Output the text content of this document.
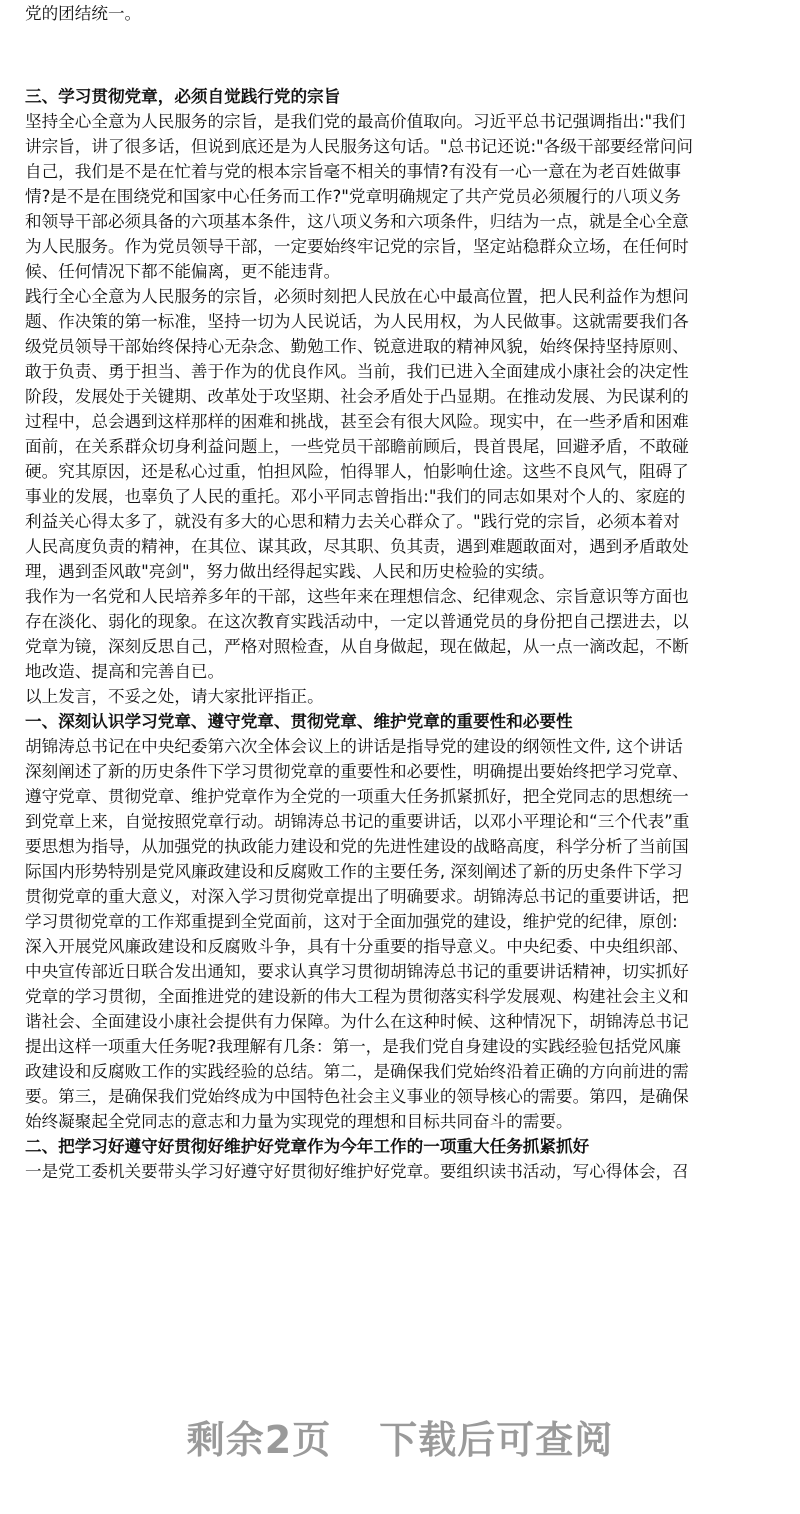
党的团结统一。
三、学习贯彻党章，必须自觉践行党的宗旨
坚持全心全意为人民服务的宗旨，是我们党的最高价值取向。习近平总书记强调指出:"我们
讲宗旨，讲了很多话，但说到底还是为人民服务这句话。"总书记还说:"各级干部要经常问问
自己，我们是不是在忙着与党的根本宗旨毫不相关的事情?有没有一心一意在为老百姓做事
情?是不是在围绕党和国家中心任务而工作?"党章明确规定了共产党员必须履行的八项义务
和领导干部必须具备的六项基本条件，这八项义务和六项条件，归结为一点，就是全心全意
为人民服务。作为党员领导干部，一定要始终牢记党的宗旨，坚定站稳群众立场，在任何时
候、任何情况下都不能偏离，更不能违背。
践行全心全意为人民服务的宗旨，必须时刻把人民放在心中最高位置，把人民利益作为想问
题、作决策的第一标准，坚持一切为人民说话，为人民用权，为人民做事。这就需要我们各
级党员领导干部始终保持心无杂念、勤勉工作、锐意进取的精神风貌，始终保持坚持原则、
敢于负责、勇于担当、善于作为的优良作风。当前，我们已进入全面建成小康社会的决定性
阶段，发展处于关键期、改革处于攻坚期、社会矛盾处于凸显期。在推动发展、为民谋利的
过程中，总会遇到这样那样的困难和挑战，甚至会有很大风险。现实中，在一些矛盾和困难
面前，在关系群众切身利益问题上，一些党员干部瞻前顾后，畏首畏尾，回避矛盾，不敢碰
硬。究其原因，还是私心过重，怕担风险，怕得罪人，怕影响仕途。这些不良风气，阻碍了
事业的发展，也辜负了人民的重托。邓小平同志曾指出:"我们的同志如果对个人的、家庭的
利益关心得太多了，就没有多大的心思和精力去关心群众了。"践行党的宗旨，必须本着对
人民高度负责的精神，在其位、谋其政，尽其职、负其责，遇到难题敢面对，遇到矛盾敢处
理，遇到歪风敢"亮剑"，努力做出经得起实践、人民和历史检验的实绩。
我作为一名党和人民培养多年的干部，这些年来在理想信念、纪律观念、宗旨意识等方面也
存在淡化、弱化的现象。在这次教育实践活动中，一定以普通党员的身份把自己摆进去，以
党章为镜，深刻反思自己，严格对照检查，从自身做起，现在做起，从一点一滴改起，不断
地改造、提高和完善自已。
以上发言，不妥之处，请大家批评指正。
一、深刻认识学习党章、遵守党章、贯彻党章、维护党章的重要性和必要性
胡锦涛总书记在中央纪委第六次全体会议上的讲话是指导党的建设的纲领性文件, 这个讲话
深刻阐述了新的历史条件下学习贯彻党章的重要性和必要性，明确提出要始终把学习党章、
遵守党章、贯彻党章、维护党章作为全党的一项重大任务抓紧抓好，把全党同志的思想统一
到党章上来，自觉按照党章行动。胡锦涛总书记的重要讲话，以邓小平理论和“三个代表”重
要思想为指导，从加强党的执政能力建设和党的先进性建设的战略高度，科学分析了当前国
际国内形势特别是党风廉政建设和反腐败工作的主要任务, 深刻阐述了新的历史条件下学习
贯彻党章的重大意义，对深入学习贯彻党章提出了明确要求。胡锦涛总书记的重要讲话，把
学习贯彻党章的工作郑重提到全党面前，这对于全面加强党的建设，维护党的纪律，原创:
深入开展党风廉政建设和反腐败斗争，具有十分重要的指导意义。中央纪委、中央组织部、
中央宣传部近日联合发出通知，要求认真学习贯彻胡锦涛总书记的重要讲话精神，切实抓好
党章的学习贯彻，全面推进党的建设新的伟大工程为贯彻落实科学发展观、构建社会主义和
谐社会、全面建设小康社会提供有力保障。为什么在这种时候、这种情况下，胡锦涛总书记
提出这样一项重大任务呢?我理解有几条：第一，是我们党自身建设的实践经验包括党风廉
政建设和反腐败工作的实践经验的总结。第二，是确保我们党始终沿着正确的方向前进的需
要。第三，是确保我们党始终成为中国特色社会主义事业的领导核心的需要。第四，是确保
始终凝聚起全党同志的意志和力量为实现党的理想和目标共同奋斗的需要。
二、把学习好遵守好贯彻好维护好党章作为今年工作的一项重大任务抓紧抓好
一是党工委机关要带头学习好遵守好贯彻好维护好党章。要组织读书活动，写心得体会，召
剩余2页 下载后可查阅
